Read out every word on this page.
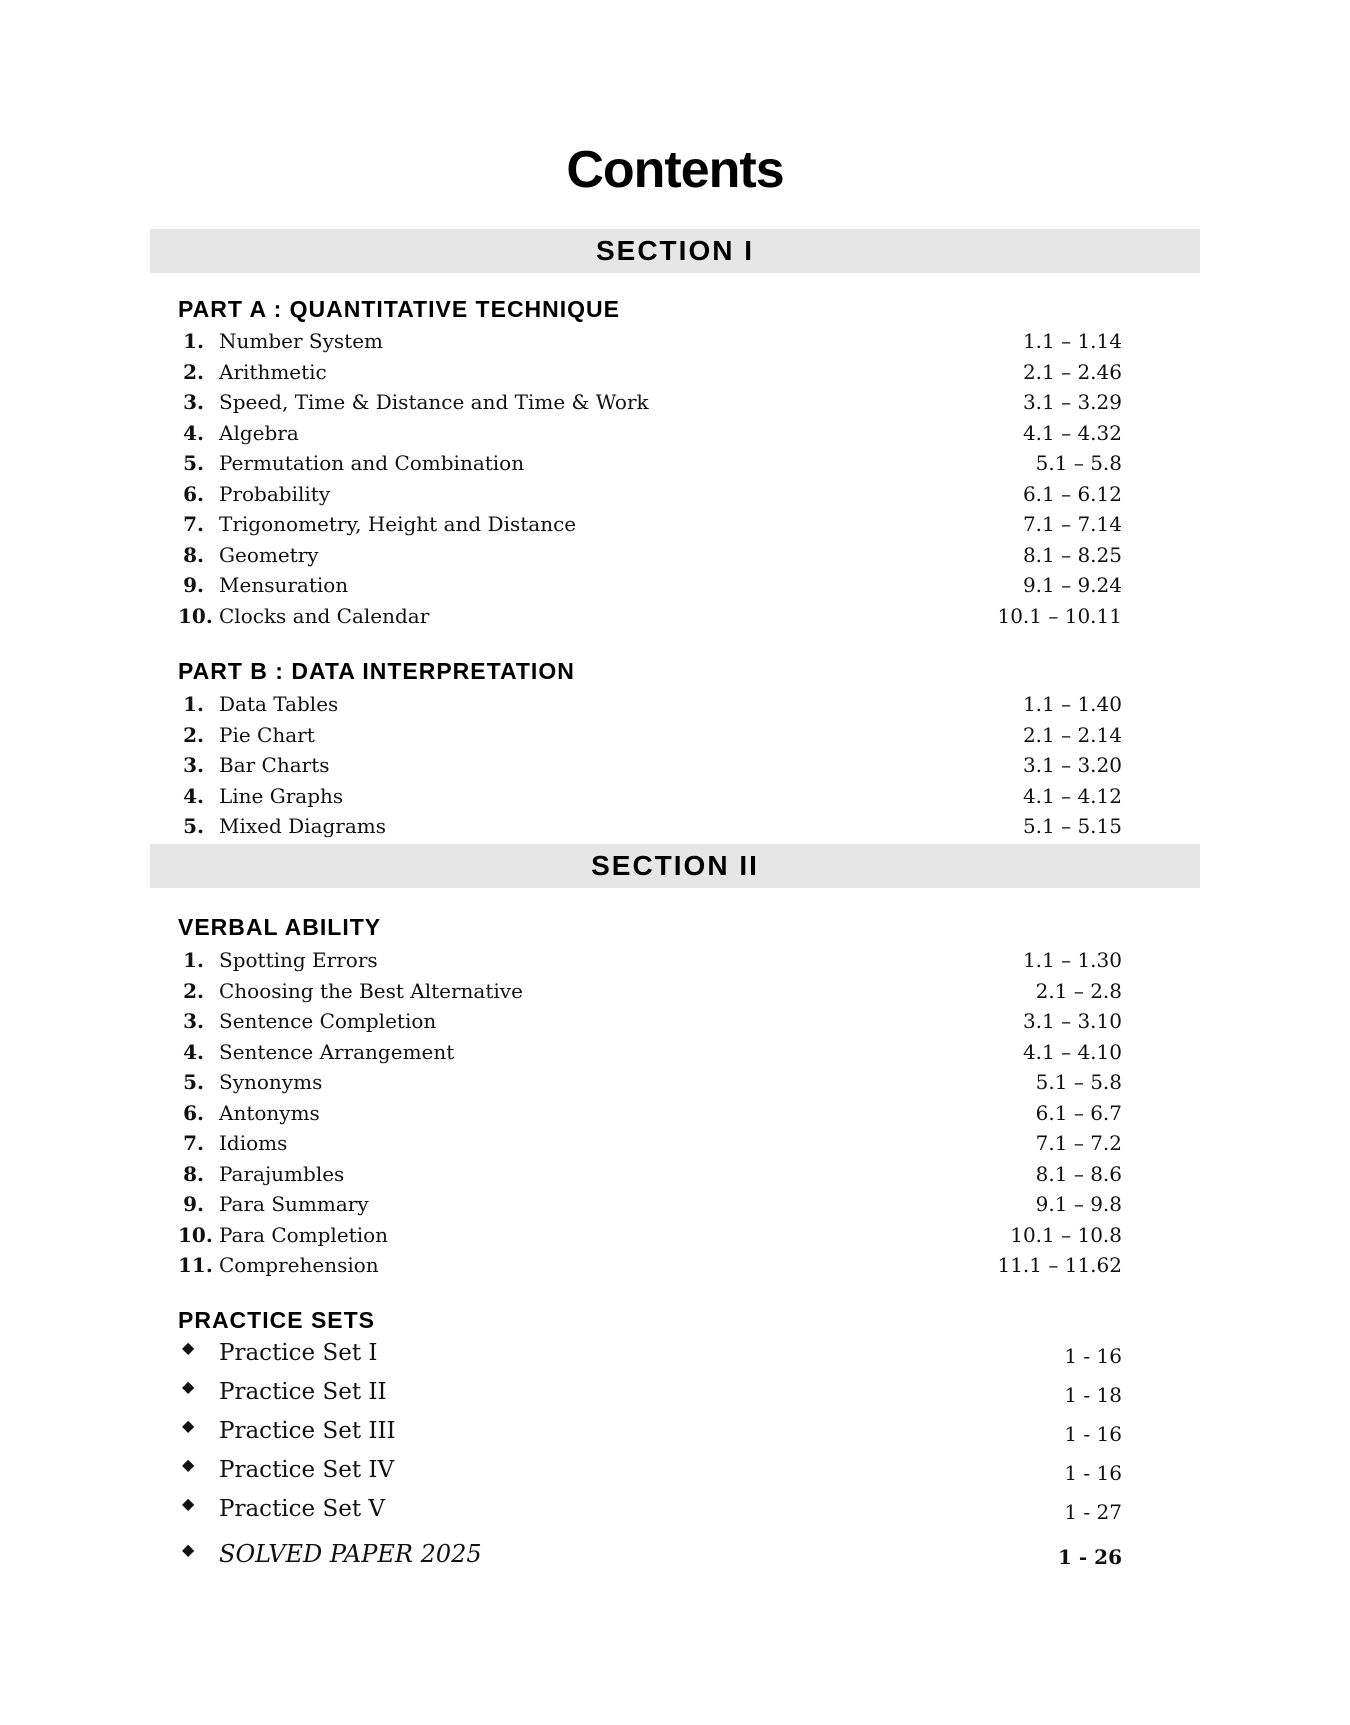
Contents
SECTION I
PART A : QUANTITATIVE TECHNIQUE
1. Number System	1.1 – 1.14
2. Arithmetic	2.1 – 2.46
3. Speed, Time & Distance and Time & Work	3.1 – 3.29
4. Algebra	4.1 – 4.32
5. Permutation and Combination	5.1 – 5.8
6. Probability	6.1 – 6.12
7. Trigonometry, Height and Distance	7.1 – 7.14
8. Geometry	8.1 – 8.25
9. Mensuration	9.1 – 9.24
10. Clocks and Calendar	10.1 – 10.11
PART B : DATA INTERPRETATION
1. Data Tables	1.1 – 1.40
2. Pie Chart	2.1 – 2.14
3. Bar Charts	3.1 – 3.20
4. Line Graphs	4.1 – 4.12
5. Mixed Diagrams	5.1 – 5.15
SECTION II
VERBAL ABILITY
1. Spotting Errors	1.1 – 1.30
2. Choosing the Best Alternative	2.1 – 2.8
3. Sentence Completion	3.1 – 3.10
4. Sentence Arrangement	4.1 – 4.10
5. Synonyms	5.1 – 5.8
6. Antonyms	6.1 – 6.7
7. Idioms	7.1 – 7.2
8. Parajumbles	8.1 – 8.6
9. Para Summary	9.1 – 9.8
10. Para Completion	10.1 – 10.8
11. Comprehension	11.1 – 11.62
PRACTICE SETS
◆ Practice Set I	1 - 16
◆ Practice Set II	1 - 18
◆ Practice Set III	1 - 16
◆ Practice Set IV	1 - 16
◆ Practice Set V	1 - 27
◆ SOLVED PAPER 2025	1 - 26
